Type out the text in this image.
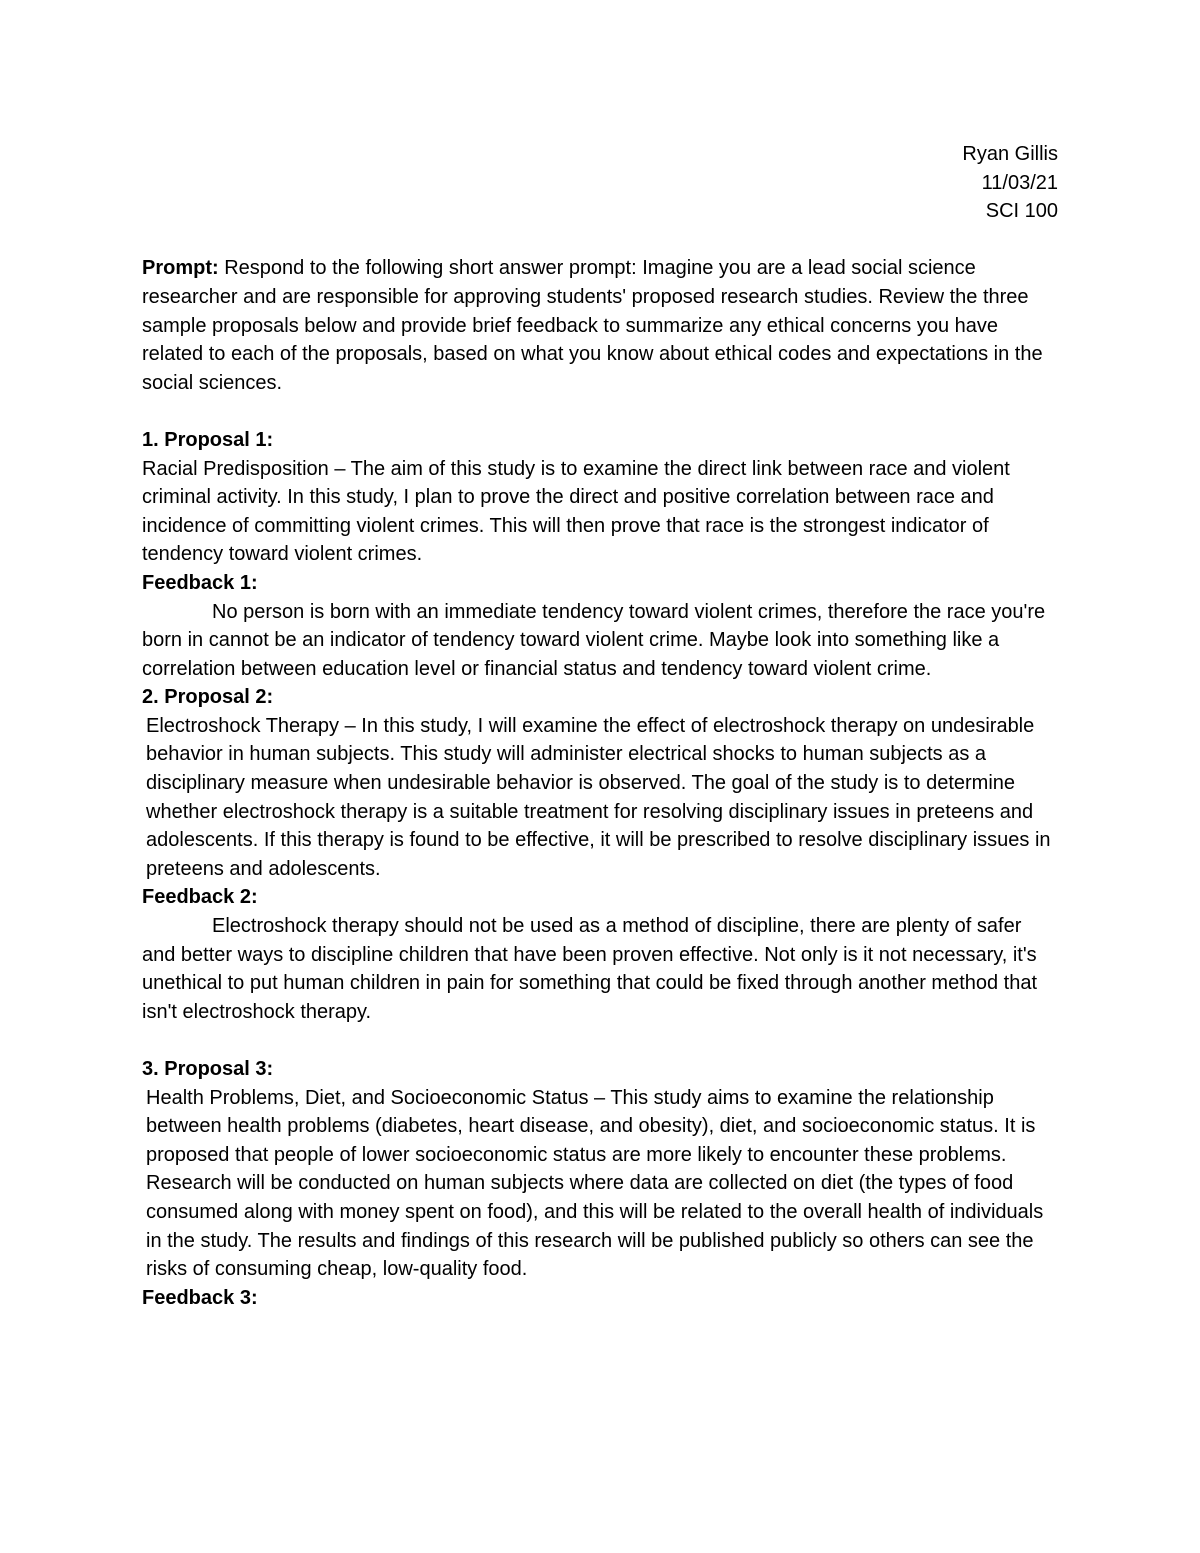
Ryan Gillis
11/03/21
SCI 100

Prompt: Respond to the following short answer prompt: Imagine you are a lead social science researcher and are responsible for approving students' proposed research studies. Review the three sample proposals below and provide brief feedback to summarize any ethical concerns you have related to each of the proposals, based on what you know about ethical codes and expectations in the social sciences.

1. Proposal 1:

Racial Predisposition – The aim of this study is to examine the direct link between race and violent criminal activity. In this study, I plan to prove the direct and positive correlation between race and incidence of committing violent crimes. This will then prove that race is the strongest indicator of tendency toward violent crimes.

Feedback 1:

No person is born with an immediate tendency toward violent crimes, therefore the race you're born in cannot be an indicator of tendency toward violent crime. Maybe look into something like a correlation between education level or financial status and tendency toward violent crime.

2. Proposal 2:

Electroshock Therapy – In this study, I will examine the effect of electroshock therapy on undesirable behavior in human subjects. This study will administer electrical shocks to human subjects as a disciplinary measure when undesirable behavior is observed. The goal of the study is to determine whether electroshock therapy is a suitable treatment for resolving disciplinary issues in preteens and adolescents. If this therapy is found to be effective, it will be prescribed to resolve disciplinary issues in preteens and adolescents.

Feedback 2:

Electroshock therapy should not be used as a method of discipline, there are plenty of safer and better ways to discipline children that have been proven effective. Not only is it not necessary, it's unethical to put human children in pain for something that could be fixed through another method that isn't electroshock therapy.

3. Proposal 3:

Health Problems, Diet, and Socioeconomic Status – This study aims to examine the relationship between health problems (diabetes, heart disease, and obesity), diet, and socioeconomic status. It is proposed that people of lower socioeconomic status are more likely to encounter these problems. Research will be conducted on human subjects where data are collected on diet (the types of food consumed along with money spent on food), and this will be related to the overall health of individuals in the study. The results and findings of this research will be published publicly so others can see the risks of consuming cheap, low-quality food.

Feedback 3:
